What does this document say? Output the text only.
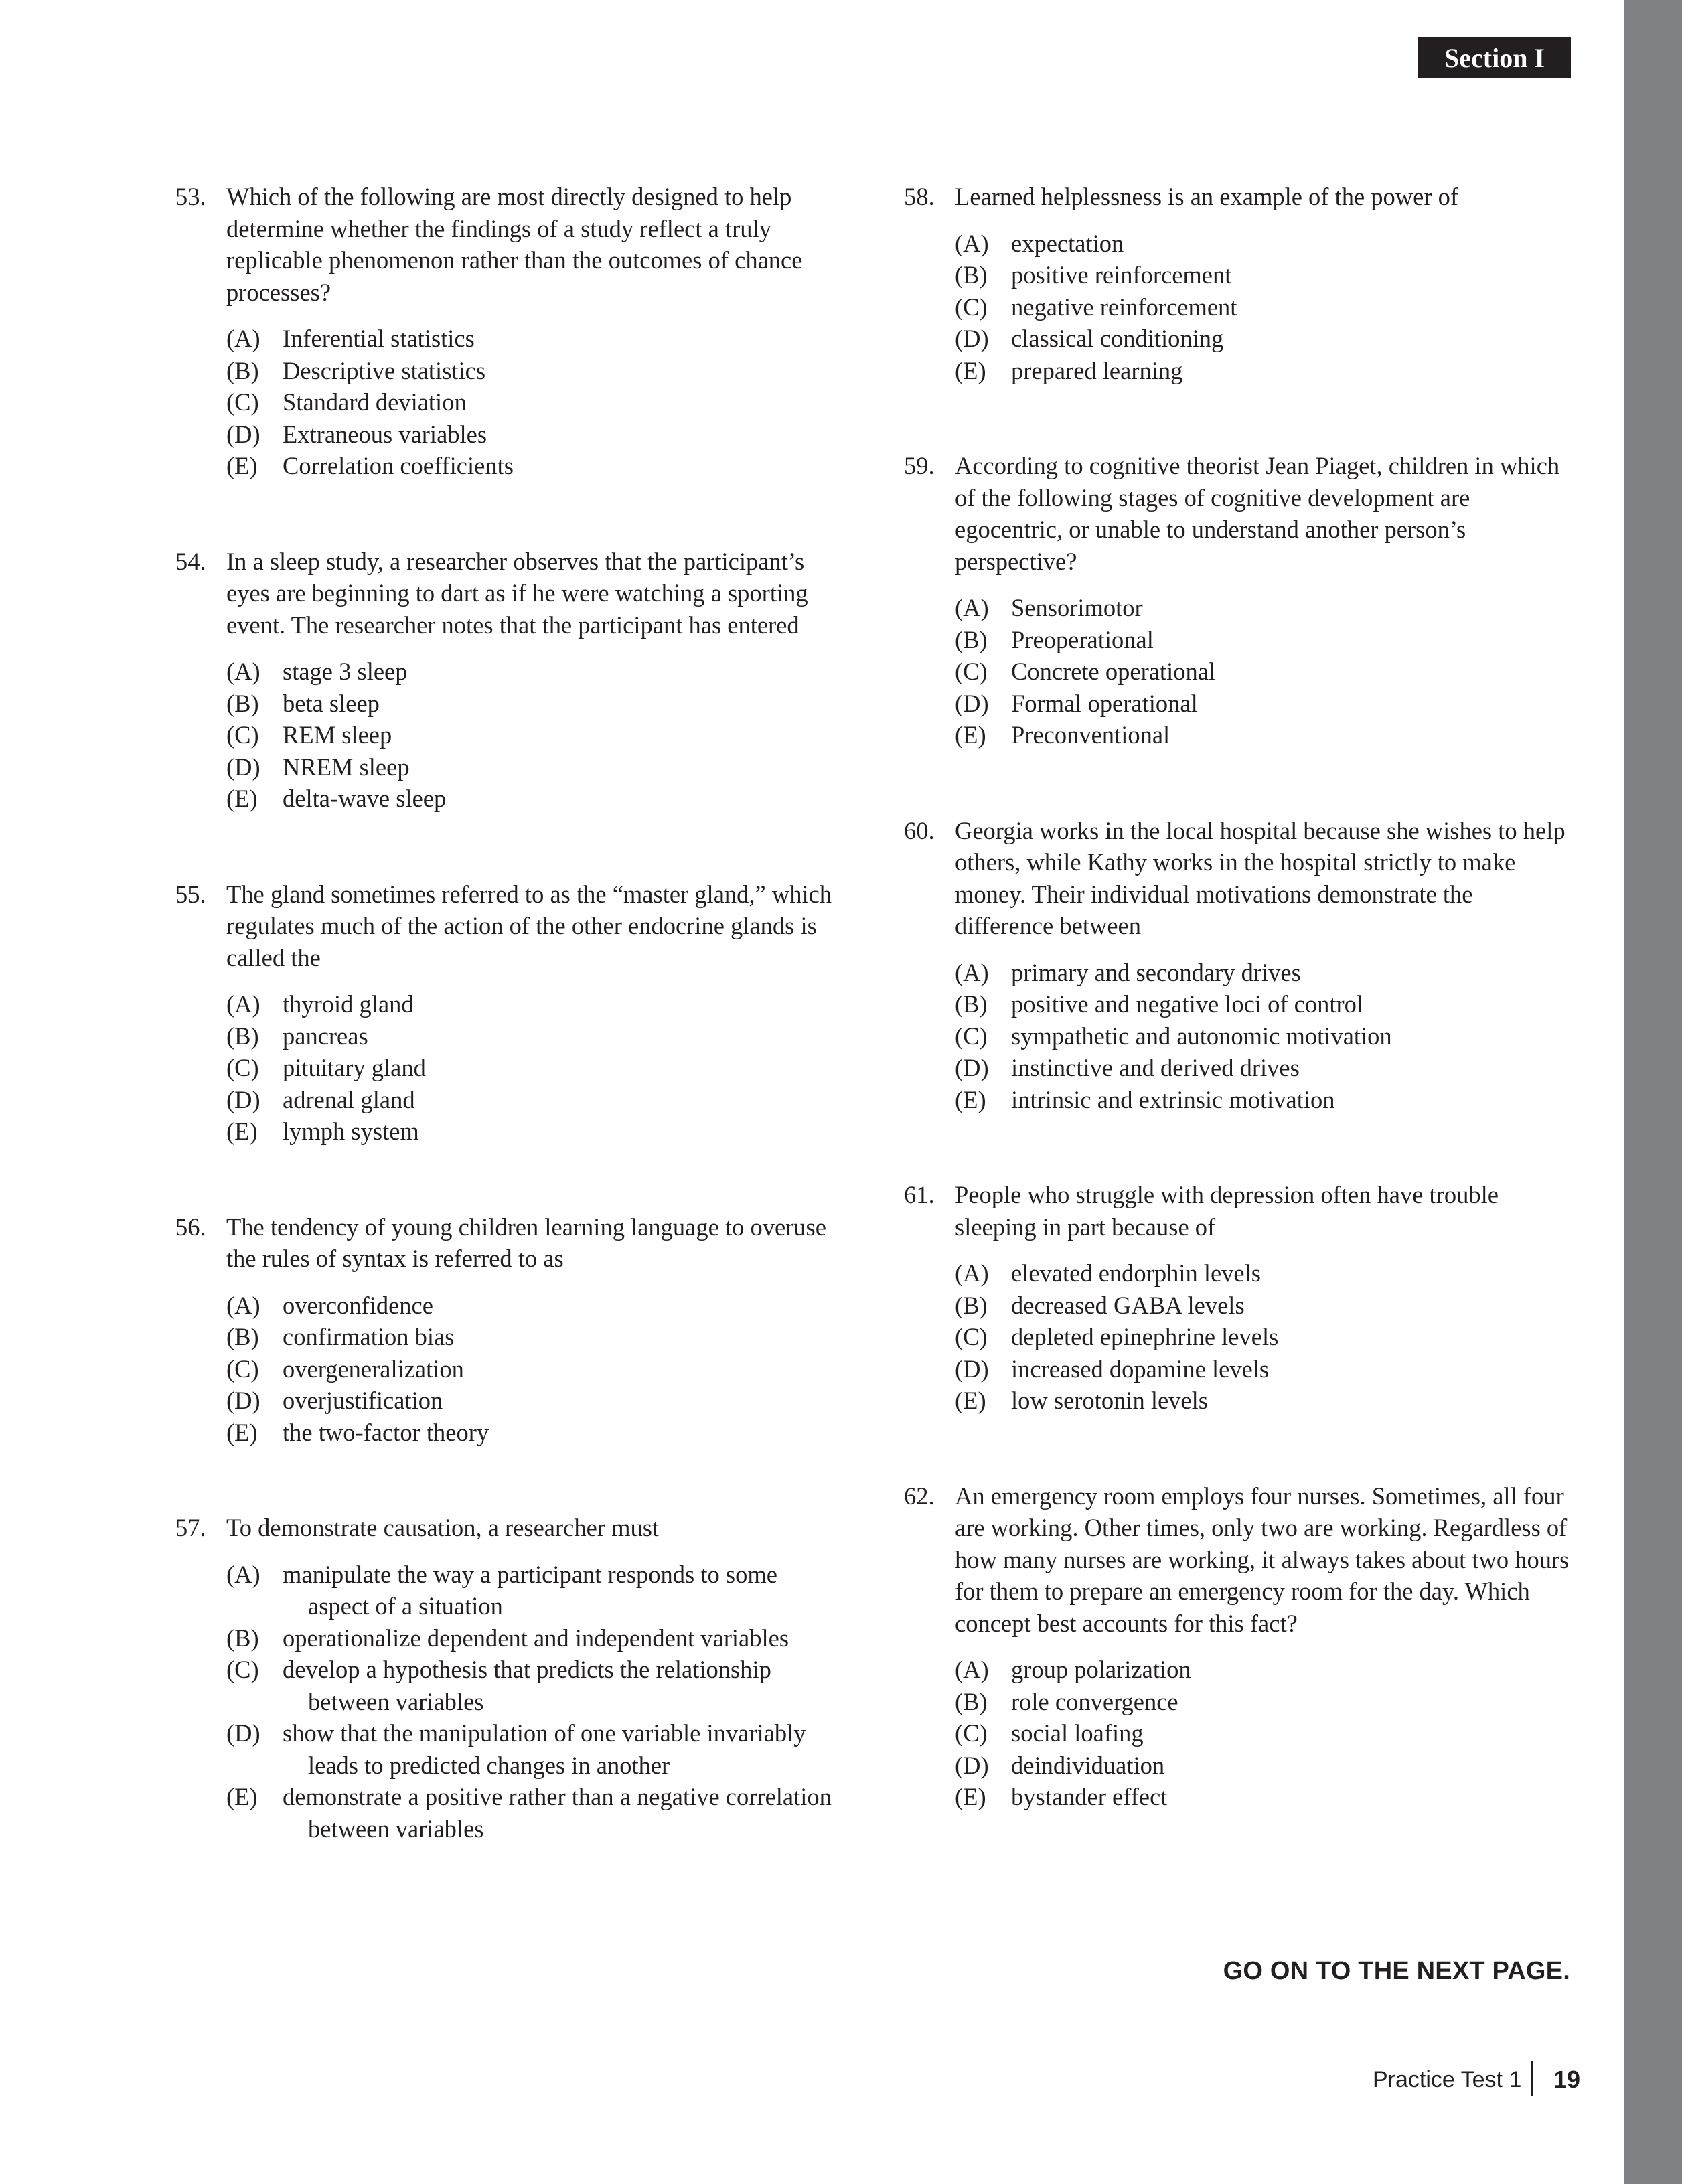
Section I
53. Which of the following are most directly designed to help determine whether the findings of a study reflect a truly replicable phenomenon rather than the outcomes of chance processes?
(A) Inferential statistics
(B) Descriptive statistics
(C) Standard deviation
(D) Extraneous variables
(E)	Correlation coefficients
54. In a sleep study, a researcher observes that the participant’s eyes are beginning to dart as if he were watching a sporting event. The researcher notes that the participant has entered
(A) stage 3 sleep
(B) beta sleep
(C) REM sleep
(D) NREM sleep
(E)	delta-wave sleep
55. The gland sometimes referred to as the “master gland,” which regulates much of the action of the other endocrine glands is called the
(A) thyroid gland
(B) pancreas
(C) pituitary gland
(D) adrenal gland
(E)	lymph system
56. The tendency of young children learning language to overuse the rules of syntax is referred to as
(A) overconfidence
(B) confirmation bias
(C) overgeneralization
(D) overjustification
(E)	the two-factor theory
57. To demonstrate causation, a researcher must
(A) manipulate the way a participant responds to some aspect of a situation
(B) operationalize dependent and independent variables
(C) develop a hypothesis that predicts the relationship between variables
(D) show that the manipulation of one variable invariably leads to predicted changes in another
(E)	demonstrate a positive rather than a negative correlation between variables
58. Learned helplessness is an example of the power of
(A) expectation
(B) positive reinforcement
(C) negative reinforcement
(D) classical conditioning
(E)	prepared learning
59. According to cognitive theorist Jean Piaget, children in which of the following stages of cognitive development are egocentric, or unable to understand another person’s perspective?
(A) Sensorimotor
(B) Preoperational
(C) Concrete operational
(D) Formal operational
(E)	Preconventional
60. Georgia works in the local hospital because she wishes to help others, while Kathy works in the hospital strictly to make money. Their individual motivations demonstrate the difference between
(A) primary and secondary drives
(B) positive and negative loci of control
(C) sympathetic and autonomic motivation
(D) instinctive and derived drives
(E)	intrinsic and extrinsic motivation
61. People who struggle with depression often have trouble sleeping in part because of
(A) elevated endorphin levels
(B) decreased GABA levels
(C) depleted epinephrine levels
(D) increased dopamine levels
(E)	low serotonin levels
62. An emergency room employs four nurses. Sometimes, all four are working. Other times, only two are working. Regardless of how many nurses are working, it always takes about two hours for them to prepare an emergency room for the day. Which concept best accounts for this fact?
(A) group polarization
(B) role convergence
(C) social loafing
(D) deindividuation
(E)	bystander effect
GO ON TO THE NEXT PAGE.
Practice Test 1 19
